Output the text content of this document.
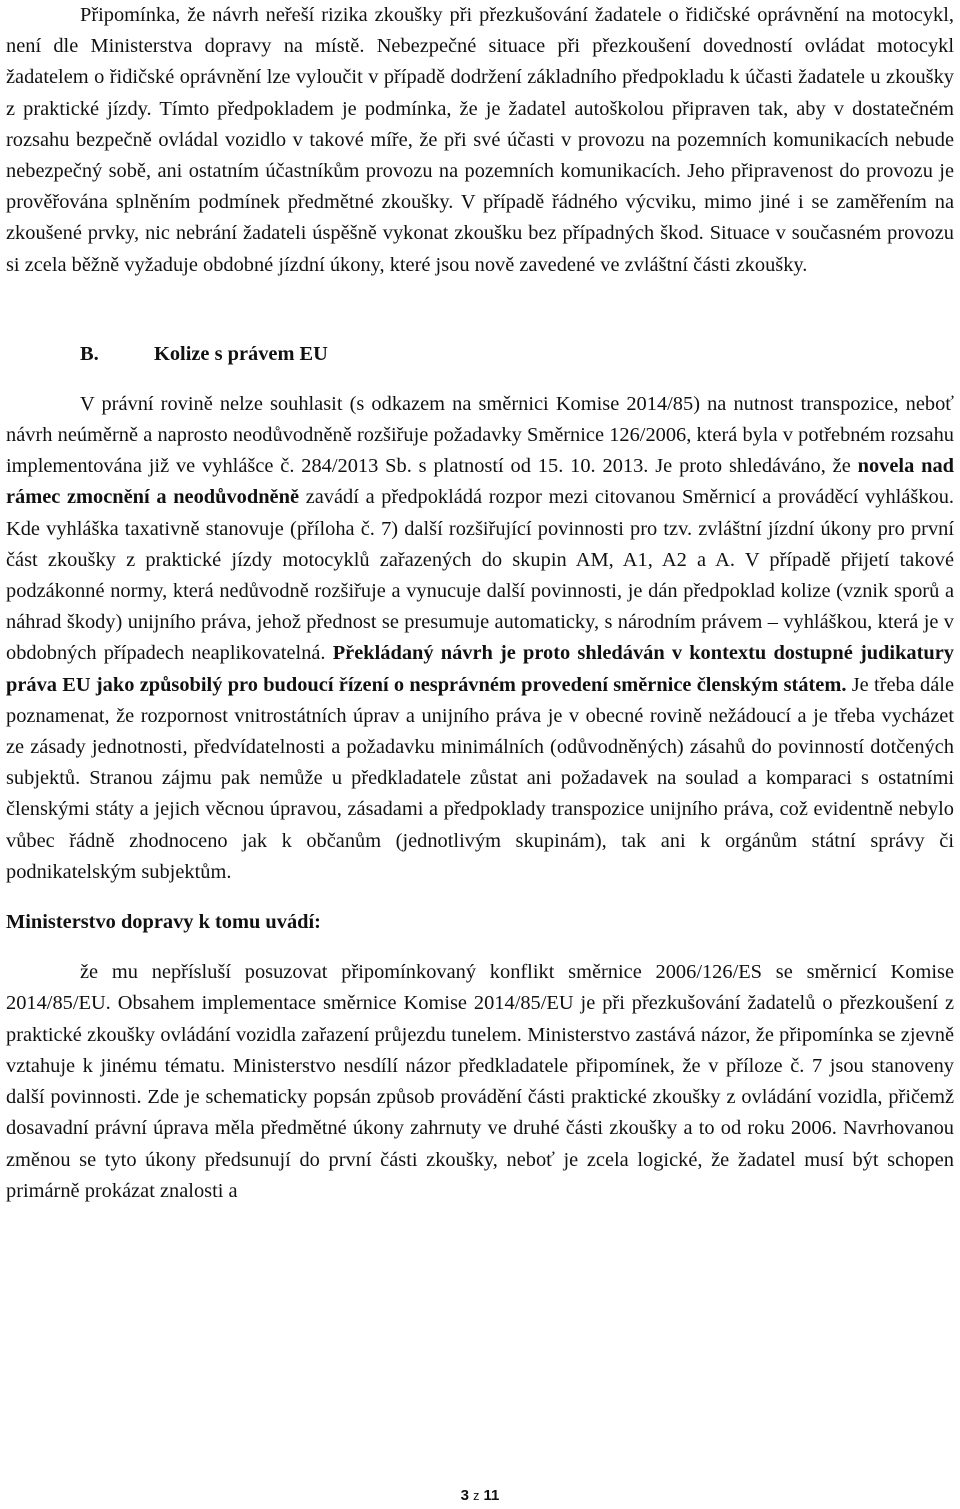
Připomínka, že návrh neřeší rizika zkoušky při přezkušování žadatele o řidičské oprávnění na motocykl, není dle Ministerstva dopravy na místě. Nebezpečné situace při přezkoušení dovedností ovládat motocykl žadatelem o řidičské oprávnění lze vyloučit v případě dodržení základního předpokladu k účasti žadatele u zkoušky z praktické jízdy. Tímto předpokladem je podmínka, že je žadatel autoškolou připraven tak, aby v dostatečném rozsahu bezpečně ovládal vozidlo v takové míře, že při své účasti v provozu na pozemních komunikacích nebude nebezpečný sobě, ani ostatním účastníkům provozu na pozemních komunikacích. Jeho připravenost do provozu je prověřována splněním podmínek předmětné zkoušky. V případě řádného výcviku, mimo jiné i se zaměřením na zkoušené prvky, nic nebrání žadateli úspěšně vykonat zkoušku bez případných škod. Situace v současném provozu si zcela běžně vyžaduje obdobné jízdní úkony, které jsou nově zavedené ve zvláštní části zkoušky.

B.	Kolize s právem EU

V právní rovině nelze souhlasit (s odkazem na směrnici Komise 2014/85) na nutnost transpozice, neboť návrh neúměrně a naprosto neodůvodněně rozšiřuje požadavky Směrnice 126/2006, která byla v potřebném rozsahu implementována již ve vyhlášce č. 284/2013 Sb. s platností od 15. 10. 2013. Je proto shledáváno, že novela nad rámec zmocnění a neodůvodněně zavádí a předpokládá rozpor mezi citovanou Směrnicí a prováděcí vyhláškou. Kde vyhláška taxativně stanovuje (příloha č. 7) další rozšiřující povinnosti pro tzv. zvláštní jízdní úkony pro první část zkoušky z praktické jízdy motocyklů zařazených do skupin AM, A1, A2 a A. V případě přijetí takové podzákonné normy, která nedůvodně rozšiřuje a vynucuje další povinnosti, je dán předpoklad kolize (vznik sporů a náhrad škody) unijního práva, jehož přednost se presumuje automaticky, s národním právem – vyhláškou, která je v obdobných případech neaplikovatelná. Překládaný návrh je proto shledáván v kontextu dostupné judikatury práva EU jako způsobilý pro budoucí řízení o nesprávném provedení směrnice členským státem. Je třeba dále poznamenat, že rozpornost vnitrostátních úprav a unijního práva je v obecné rovině nežádoucí a je třeba vycházet ze zásady jednotnosti, předvídatelnosti a požadavku minimálních (odůvodněných) zásahů do povinností dotčených subjektů. Stranou zájmu pak nemůže u předkladatele zůstat ani požadavek na soulad a komparaci s ostatními členskými státy a jejich věcnou úpravou, zásadami a předpoklady transpozice unijního práva, což evidentně nebylo vůbec řádně zhodnoceno jak k občanům (jednotlivým skupinám), tak ani k orgánům státní správy či podnikatelským subjektům.

Ministerstvo dopravy k tomu uvádí:

že mu nepřísluší posuzovat připomínkovaný konflikt směrnice 2006/126/ES se směrnicí Komise 2014/85/EU. Obsahem implementace směrnice Komise 2014/85/EU je při přezkušování žadatelů o přezkoušení z praktické zkoušky ovládání vozidla zařazení průjezdu tunelem. Ministerstvo zastává názor, že připomínka se zjevně vztahuje k jinému tématu. Ministerstvo nesdílí názor předkladatele připomínek, že v příloze č. 7 jsou stanoveny další povinnosti. Zde je schematicky popsán způsob provádění části praktické zkoušky z ovládání vozidla, přičemž dosavadní právní úprava měla předmětné úkony zahrnuty ve druhé části zkoušky a to od roku 2006. Navrhovanou změnou se tyto úkony předsunují do první části zkoušky, neboť je zcela logické, že žadatel musí být schopen primárně prokázat znalosti a

3 z 11
